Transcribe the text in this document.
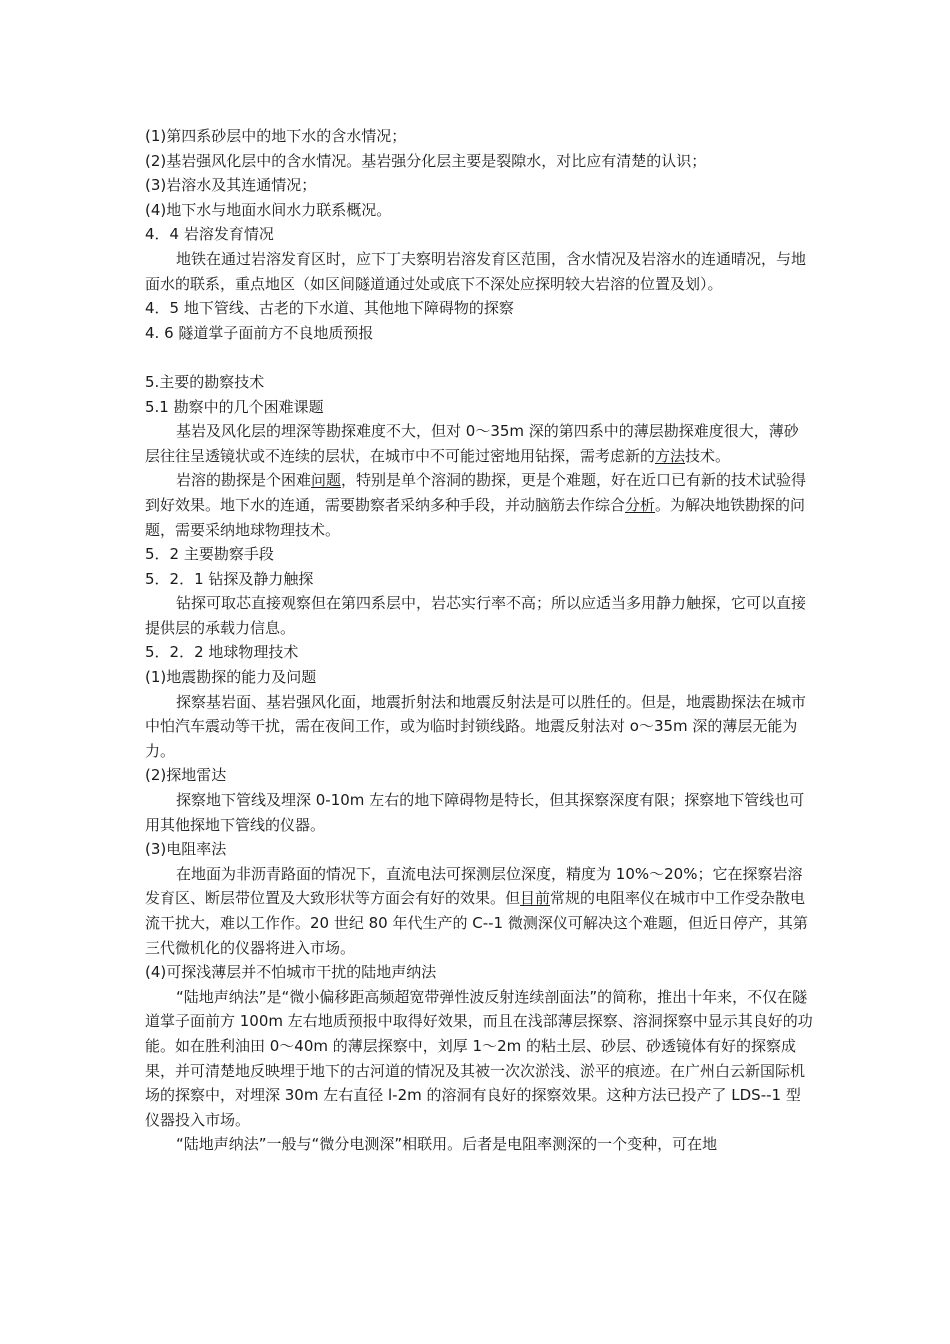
(1)第四系砂层中的地下水的含水情况；

(2)基岩强风化层中的含水情况。基岩强分化层主要是裂隙水，对比应有清楚的认识；

(3)岩溶水及其连通情况；

(4)地下水与地面水间水力联系概况。

4．4 岩溶发育情况

地铁在通过岩溶发育区时，应下丁夫察明岩溶发育区范围，含水情况及岩溶水的连通晴况，与地面水的联系，重点地区（如区间隧道通过处或底下不深处应探明较大岩溶的位置及划）。

4．5 地下管线、古老的下水道、其他地下障碍物的探察

4. 6 隧道掌子面前方不良地质预报

5.主要的勘察技术

5.1 勘察中的几个困难课题

基岩及风化层的埋深等勘探难度不大，但对 0～35m 深的第四系中的薄层勘探难度很大，薄砂层往往呈透镜状或不连续的层状，在城市中不可能过密地用钻探，需考虑新的方法技术。

岩溶的勘探是个困难问题，特别是单个溶洞的勘探，更是个难题，好在近口已有新的技术试验得到好效果。地下水的连通，需要勘察者采纳多种手段，并动脑筋去作综合分析。为解决地铁勘探的问题，需要采纳地球物理技术。

5．2 主要勘察手段

5．2．1 钻探及静力触探

钻探可取芯直接观察但在第四系层中，岩芯实行率不高；所以应适当多用静力触探，它可以直接提供层的承载力信息。

5．2．2 地球物理技术

(1)地震勘探的能力及问题

探察基岩面、基岩强风化面，地震折射法和地震反射法是可以胜任的。但是，地震勘探法在城市中怕汽车震动等干扰，需在夜间工作，或为临时封锁线路。地震反射法对 o～35m 深的薄层无能为力。

(2)探地雷达

探察地下管线及埋深 0-10m 左右的地下障碍物是特长，但其探察深度有限；探察地下管线也可用其他探地下管线的仪器。

(3)电阻率法

在地面为非沥青路面的情况下，直流电法可探测层位深度，精度为 10%～20%；它在探察岩溶发育区、断层带位置及大致形状等方面会有好的效果。但目前常规的电阻率仪在城市中工作受杂散电流干扰大，难以工作作。20 世纪 80 年代生产的 C--1 微测深仪可解决这个难题，但近日停产，其第三代微机化的仪器将进入市场。

(4)可探浅薄层并不怕城市干扰的陆地声纳法

“陆地声纳法”是“微小偏移距高频超宽带弹性波反射连续剖面法”的简称，推出十年来，不仅在隧道掌子面前方 100m 左右地质预报中取得好效果，而且在浅部薄层探察、溶洞探察中显示其良好的功能。如在胜利油田 0～40m 的薄层探察中，刘厚 1～2m 的粘土层、砂层、砂透镜体有好的探察成果，并可清楚地反映埋于地下的古河道的情况及其被一次次淤浅、淤平的痕迹。在广州白云新国际机场的探察中，对埋深 30m 左右直径 l-2m 的溶洞有良好的探察效果。这种方法已投产了 LDS--1 型仪器投入市场。

“陆地声纳法”一般与“微分电测深”相联用。后者是电阻率测深的一个变种，可在地
